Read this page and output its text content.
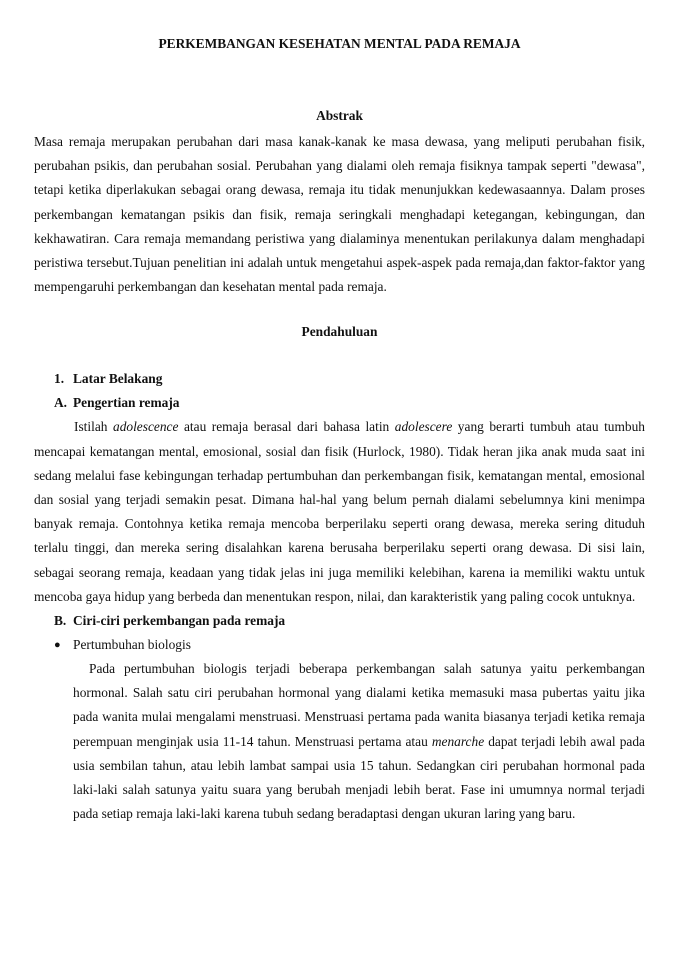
PERKEMBANGAN KESEHATAN MENTAL PADA REMAJA
Abstrak

Masa remaja merupakan perubahan dari masa kanak-kanak ke masa dewasa, yang meliputi perubahan fisik, perubahan psikis, dan perubahan sosial. Perubahan yang dialami oleh remaja fisiknya tampak seperti "dewasa", tetapi ketika diperlakukan sebagai orang dewasa, remaja itu tidak menunjukkan kedewasaannya. Dalam proses perkembangan kematangan psikis dan fisik, remaja seringkali menghadapi ketegangan, kebingungan, dan kekhawatiran. Cara remaja memandang peristiwa yang dialaminya menentukan perilakunya dalam menghadapi peristiwa tersebut.Tujuan penelitian ini adalah untuk mengetahui aspek-aspek pada remaja,dan faktor-faktor yang mempengaruhi perkembangan dan kesehatan mental pada remaja.

Pendahuluan
1. Latar Belakang
A. Pengertian remaja

Istilah adolescence atau remaja berasal dari bahasa latin adolescere yang berarti tumbuh atau tumbuh mencapai kematangan mental, emosional, sosial dan fisik (Hurlock, 1980). Tidak heran jika anak muda saat ini sedang melalui fase kebingungan terhadap pertumbuhan dan perkembangan fisik, kematangan mental, emosional dan sosial yang terjadi semakin pesat. Dimana hal-hal yang belum pernah dialami sebelumnya kini menimpa banyak remaja. Contohnya ketika remaja mencoba berperilaku seperti orang dewasa, mereka sering dituduh terlalu tinggi, dan mereka sering disalahkan karena berusaha berperilaku seperti orang dewasa. Di sisi lain, sebagai seorang remaja, keadaan yang tidak jelas ini juga memiliki kelebihan, karena ia memiliki waktu untuk mencoba gaya hidup yang berbeda dan menentukan respon, nilai, dan karakteristik yang paling cocok untuknya.

B. Ciri-ciri perkembangan pada remaja
● Pertumbuhan biologis

Pada pertumbuhan biologis terjadi beberapa perkembangan salah satunya yaitu perkembangan hormonal. Salah satu ciri perubahan hormonal yang dialami ketika memasuki masa pubertas yaitu jika pada wanita mulai mengalami menstruasi. Menstruasi pertama pada wanita biasanya terjadi ketika remaja perempuan menginjak usia 11-14 tahun. Menstruasi pertama atau menarche dapat terjadi lebih awal pada usia sembilan tahun, atau lebih lambat sampai usia 15 tahun. Sedangkan ciri perubahan hormonal pada laki-laki salah satunya yaitu suara yang berubah menjadi lebih berat. Fase ini umumnya normal terjadi pada setiap remaja laki-laki karena tubuh sedang beradaptasi dengan ukuran laring yang baru.
